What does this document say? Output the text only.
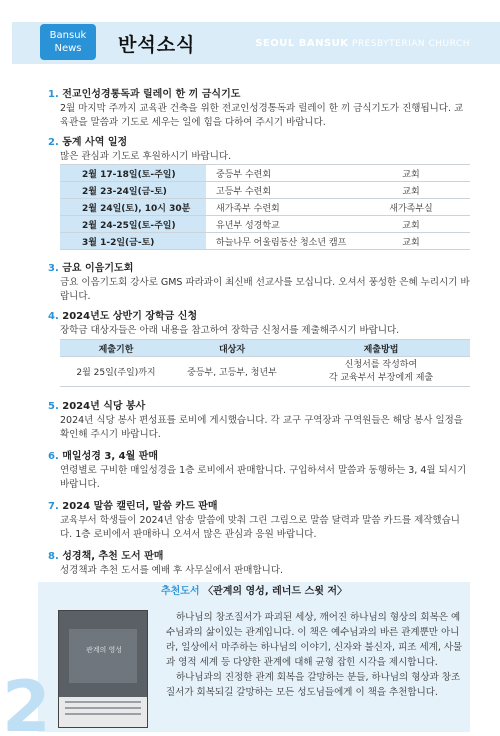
Bansuk
News	반석소식	SEOUL BANSUK PRESBYTERIAN CHURCH
1. 전교인성경통독과 릴레이 한 끼 금식기도
2월 마지막 주까지 교육관 건축을 위한 전교인성경통독과 릴레이 한 끼 금식기도가 진행됩니다. 교육관을 말씀과 기도로 세우는 일에 힘을 다하여 주시기 바랍니다.
2. 동계 사역 일정
많은 관심과 기도로 후원하시기 바랍니다.
2월 17-18일(토-주일)	중등부 수련회	교회
2월 23-24일(금-토)	고등부 수련회	교회
2월 24일(토), 10시 30분	새가족부 수련회	새가족부실
2월 24-25일(토-주일)	유년부 성경학교	교회
3월 1-2일(금-토)	하늘나무 어울림동산 청소년 캠프	교회
3. 금요 이음기도회
금요 이음기도회 강사로 GMS 파라과이 최신배 선교사를 모십니다. 오셔서 풍성한 은혜 누리시기 바랍니다.
4. 2024년도 상반기 장학금 신청
장학금 대상자들은 아래 내용을 참고하여 장학금 신청서를 제출해주시기 바랍니다.
제출기한	대상자	제출방법
2월 25일(주일)까지	중등부, 고등부, 청년부	신청서를 작성하여
각 교육부서 부장에게 제출
5. 2024년 식당 봉사
2024년 식당 봉사 편성표를 로비에 게시했습니다. 각 교구 구역장과 구역원들은 해당 봉사 일정을 확인해 주시기 바랍니다.
6. 매일성경 3, 4월 판매
연령별로 구비한 매일성경을 1층 로비에서 판매합니다. 구입하셔서 말씀과 동행하는 3, 4월 되시기 바랍니다.
7. 2024 말씀 캘린더, 말씀 카드 판매
교육부서 학생들이 2024년 암송 말씀에 맞춰 그린 그림으로 말씀 달력과 말씀 카드를 제작했습니다. 1층 로비에서 판매하니 오셔서 많은 관심과 응원 바랍니다.
8. 성경책, 추천 도서 판매
성경책과 추천 도서를 예배 후 사무실에서 판매합니다.
추천도서 〈관계의 영성, 레너드 스윗 저〉
관계의 영성

하나님의 창조질서가 파괴된 세상, 깨어진 하나님의 형상의 회복은 예수님과의 삶이있는 관계입니다. 이 책은 예수님과의 바른 관계뿐만 아니라, 일상에서 마주하는 하나님의 이야기, 신자와 불신자, 피조 세계, 사물과 영적 세계 등 다양한 관계에 대해 균형 잡힌 시각을 제시합니다.

하나님과의 진정한 관계 회복을 갈망하는 분들, 하나님의 형상과 창조질서가 회복되길 갈망하는 모든 성도님들에게 이 책을 추천합니다.

2
